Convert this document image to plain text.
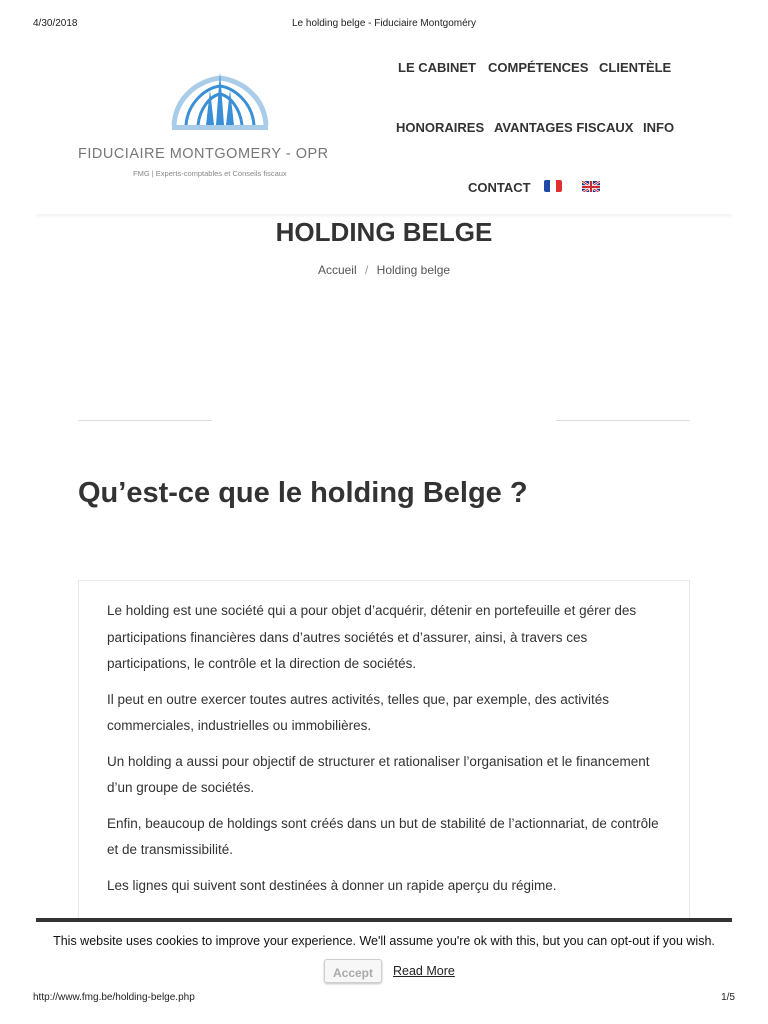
4/30/2018	Le holding belge - Fiduciaire Montgoméry
FIDUCIAIRE MONTGOMERY - OPR
FMG | Experts-comptables et Conseils fiscaux
LE CABINET COMPÉTENCES CLIENTÈLE
HONORAIRES AVANTAGES FISCAUX INFO
CONTACT
HOLDING BELGE
Accueil / Holding belge
Qu’est-ce que le holding Belge ?

Le holding est une société qui a pour objet d’acquérir, détenir en portefeuille et gérer des participations financières dans d’autres sociétés et d’assurer, ainsi, à travers ces participations, le contrôle et la direction de sociétés.

Il peut en outre exercer toutes autres activités, telles que, par exemple, des activités commerciales, industrielles ou immobilières.

Un holding a aussi pour objectif de structurer et rationaliser l’organisation et le financement d’un groupe de sociétés.

Enfin, beaucoup de holdings sont créés dans un but de stabilité de l’actionnariat, de contrôle et de transmissibilité.

Les lignes qui suivent sont destinées à donner un rapide aperçu du régime.

This website uses cookies to improve your experience. We'll assume you're ok with this, but you can opt-out if you wish.
Accept	Read More
http://www.fmg.be/holding-belge.php	1/5
